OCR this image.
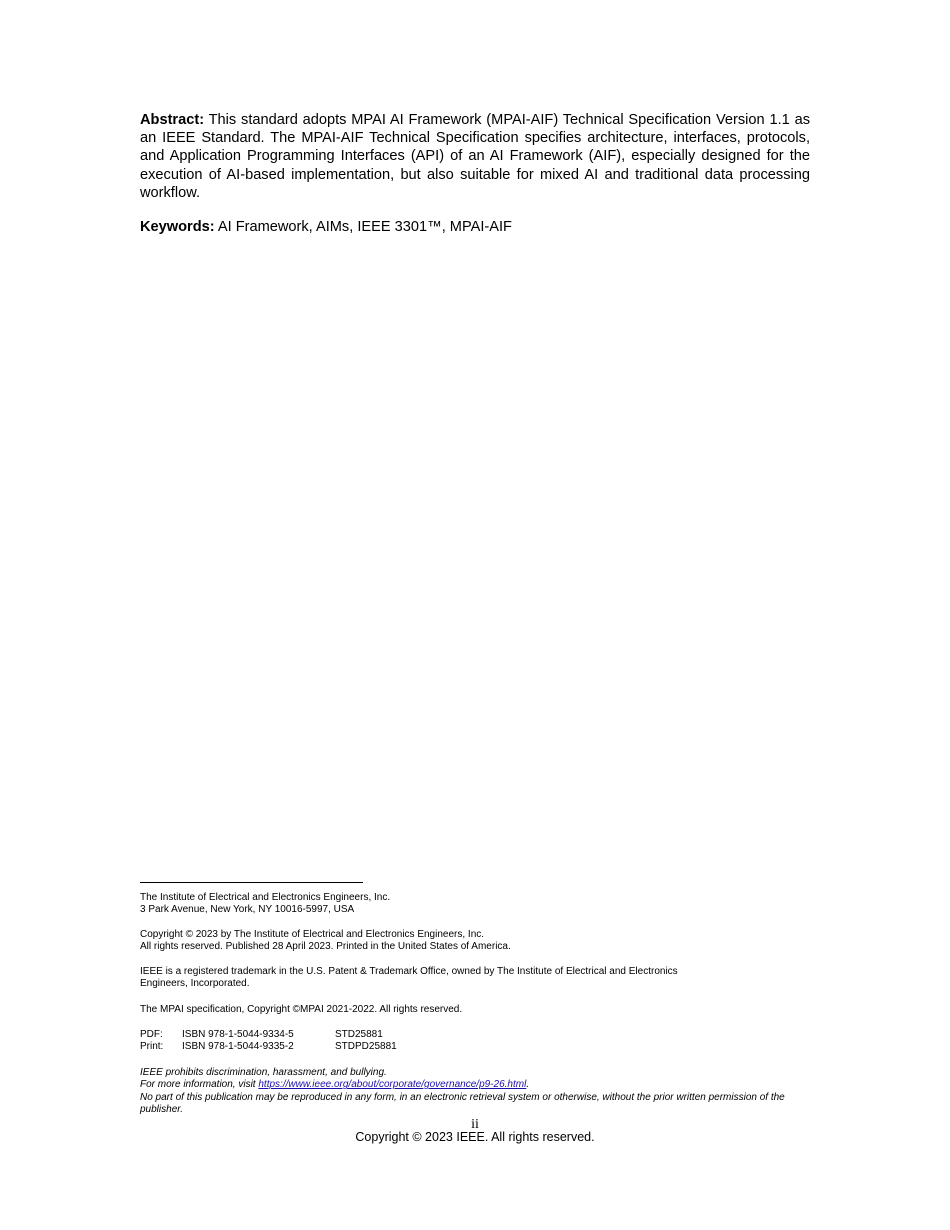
Abstract: This standard adopts MPAI AI Framework (MPAI-AIF) Technical Specification Version 1.1 as an IEEE Standard. The MPAI-AIF Technical Specification specifies architecture, interfaces, protocols, and Application Programming Interfaces (API) of an AI Framework (AIF), especially designed for the execution of AI-based implementation, but also suitable for mixed AI and traditional data processing workflow.

Keywords: AI Framework, AIMs, IEEE 3301™, MPAI-AIF

The Institute of Electrical and Electronics Engineers, Inc.

3 Park Avenue, New York, NY 10016-5997, USA

Copyright © 2023 by The Institute of Electrical and Electronics Engineers, Inc.

All rights reserved. Published 28 April 2023. Printed in the United States of America.

IEEE is a registered trademark in the U.S. Patent & Trademark Office, owned by The Institute of Electrical and Electronics

Engineers, Incorporated.

The MPAI specification, Copyright ©MPAI 2021-2022. All rights reserved.

PDF:	ISBN 978-1-5044-9334-5	STD25881
Print:	ISBN 978-1-5044-9335-2	STDPD25881

IEEE prohibits discrimination, harassment, and bullying.

For more information, visit https://www.ieee.org/about/corporate/governance/p9-26.html.

No part of this publication may be reproduced in any form, in an electronic retrieval system or otherwise, without the prior written permission of the publisher.

ii
Copyright © 2023 IEEE. All rights reserved.
